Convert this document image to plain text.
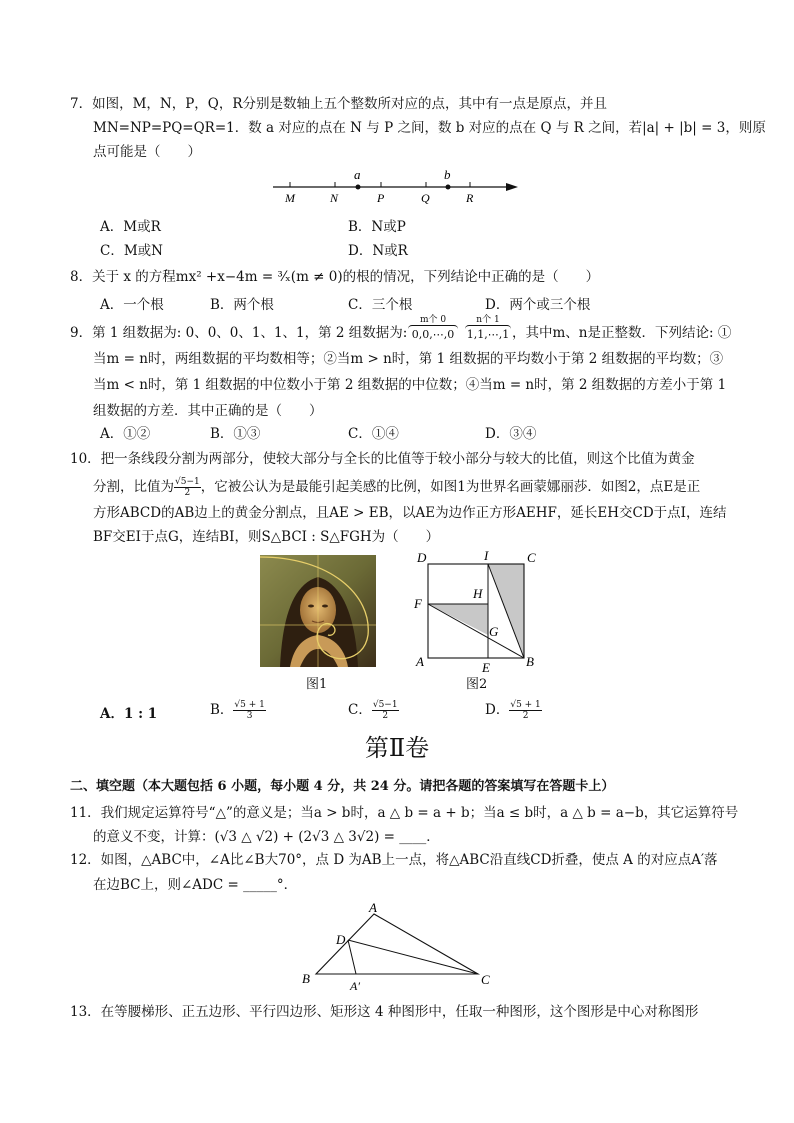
7．如图，M，N，P，Q，R分别是数轴上五个整数所对应的点，其中有一点是原点，并且
MN=NP=PQ=QR=1．数 a 对应的点在 N 与 P 之间，数 b 对应的点在 Q 与 R 之间，若|a| + |b| = 3，则原
点可能是（　　）
a	b
M	N	P	Q	R
A．M或R	B．N或P
C．M或N	D．N或R
8．关于 x 的方程mx² +x−4m = ³⁄ₓ(m ≠ 0)的根的情况，下列结论中正确的是（　　）
A．一个根	B．两个根	C．三个根	D．两个或三个根
9．第 1 组数据为: 0、0、0、1、1、1，第 2 组数据为:
m个 0
0,0,⋯,0
n个 1
1,1,⋯,1 ，其中m、n是正整数．下列结论: ①
当m = n时，两组数据的平均数相等；②当m > n时，第 1 组数据的平均数小于第 2 组数据的平均数；③
当m < n时，第 1 组数据的中位数小于第 2 组数据的中位数；④当m = n时，第 2 组数据的方差小于第 1
组数据的方差．其中正确的是（　　）
A．①②	B．①③	C．①④	D．③④
10．把一条线段分割为两部分，使较大部分与全长的比值等于较小部分与较大的比值，则这个比值为黄金
分割，比值为 $\frac{√5-1}{2}$ ，它被公认为是最能引起美感的比例，如图1为世界名画蒙娜丽莎．如图2，点E是正
方形ABCD的AB边上的黄金分割点，且AE > EB，以AE为边作正方形AEHF，延长EH交CD于点I，连结
BF交EI于点G，连结BI，则S△BCI : S△FGH为（　　）
图1
D	I	C
F
H
G
A	E	B
图2
A．1 : 1	B． $\frac{√5 + 1}{3}$	C． $\frac{√5-1}{2}$	D． $\frac{√5 + 1}{2}$
第Ⅱ卷
二、填空题（本大题包括 6 小题，每小题 4 分，共 24 分。请把各题的答案填写在答题卡上）
11．我们规定运算符号“△”的意义是；当a > b时，a △ b = a + b；当a ≤ b时，a △ b = a−b，其它运算符号
的意义不变，计算：(√3 △ √2) + (2√3 △ 3√2) = ____．
12．如图，△ABC中，∠A比∠B大70°，点 D 为AB上一点，将△ABC沿直线CD折叠，使点 A 的对应点A′落
在边BC上，则∠ADC = _____°．
A
D
B	A′	C
13．在等腰梯形、正五边形、平行四边形、矩形这 4 种图形中，任取一种图形，这个图形是中心对称图形
